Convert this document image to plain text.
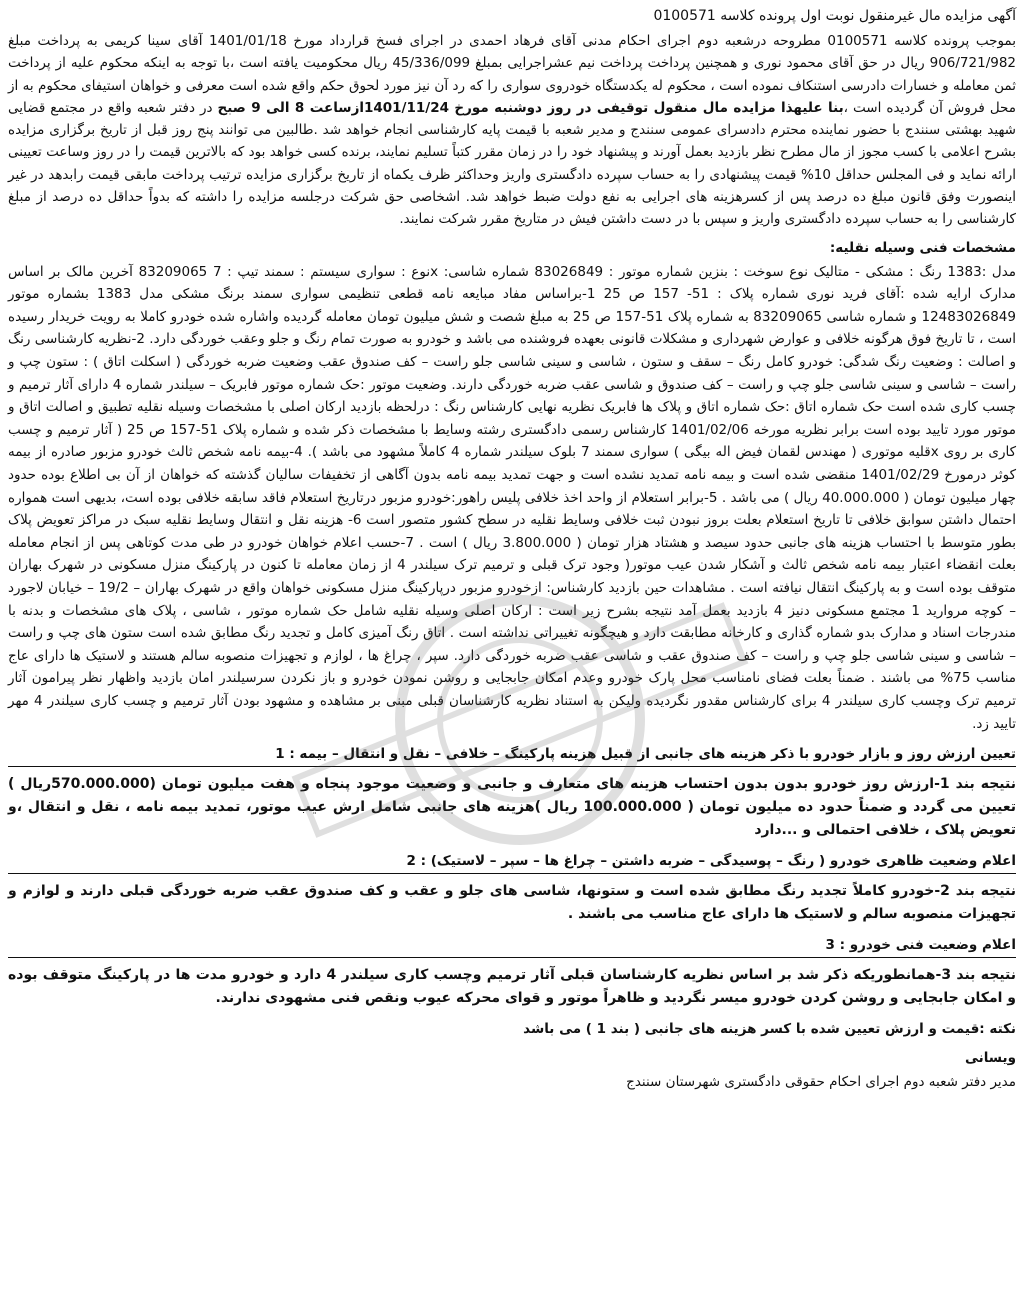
آگهی مزایده مال غیرمنقول نوبت اول پرونده کلاسه 0100571

بموجب پرونده کلاسه 0100571 مطروحه درشعبه دوم اجرای احکام مدنی آقای فرهاد احمدی در اجرای فسخ قرارداد مورخ 1401/01/18 آقای سینا کریمی به پرداخت مبلغ 906/721/982 ریال در حق آقای محمود نوری و همچنین پرداخت پرداخت نیم عشراجرایی بمبلغ 45/336/099 ریال محکومیت یافته است ،با توجه به اینکه محکوم علیه از پرداخت ثمن معامله و خسارات دادرسی استنکاف نموده است ، محکوم له یکدستگاه خودروی سواری را که رد آن نیز مورد لحوق حکم واقع شده است معرفی و خواهان استیفای محکوم به از محل فروش آن گردیده است ،بنا علیهذا مزایده مال منقول توقیفی در روز دوشنبه مورخ 1401/11/24ازساعت 8 الی 9 صبح در دفتر شعبه واقع در مجتمع قضایی شهید بهشتی سنندج با حضور نماینده محترم دادسرای عمومی سنندج و مدیر شعبه با قیمت پایه کارشناسی انجام خواهد شد .طالبین می توانند پنج روز قبل از تاریخ برگزاری مزایده بشرح اعلامی با کسب مجوز از مال مطرح نظر بازدید بعمل آورند و پیشنهاد خود را در زمان مقرر کتباً تسلیم نمایند، برنده کسی خواهد بود که بالاترین قیمت را در روز وساعت تعیینی ارائه نماید و فی المجلس حداقل 10% قیمت پیشنهادی را به حساب سپرده دادگستری واریز وحداکثر ظرف یکماه از تاریخ برگزاری مزایده ترتیب پرداخت مابقی قیمت رابدهد در غیر اینصورت وفق قانون مبلغ ده درصد پس از کسرهزینه های اجرایی به نفع دولت ضبط خواهد شد. اشخاصی حق شرکت درجلسه مزایده را داشته که بدواً حداقل ده درصد از مبلغ کارشناسی را به حساب سپرده دادگستری واریز و سپس با در دست داشتن فیش در متاریخ مقرر شرکت نمایند.

مشخصات فنی وسیله نقلیه:

مدل :1383 رنگ : مشکی - متالیک نوع سوخت : بنزین شماره موتور : 83026849 شماره شاسی: xنوع : سواری سیستم : سمند تیپ : 7 83209065 آخرین مالک بر اساس مدارک ارایه شده :آقای فرید نوری شماره پلاک : 51- 157 ص 25 1-براساس مفاد مبایعه نامه قطعی تنظیمی سواری سمند برنگ مشکی مدل 1383 بشماره موتور 12483026849 و شماره شاسی 83209065 به شماره پلاک 51-157 ص 25 به مبلغ شصت و شش میلیون تومان معامله گردیده واشاره شده خودرو کاملا به رویت خریدار رسیده است ، تا تاریخ فوق هرگونه خلافی و عوارض شهرداری و مشکلات قانونی بعهده فروشنده می باشد و خودرو به صورت تمام رنگ و جلو وعقب خوردگی دارد. 2-نظریه کارشناسی رنگ و اصالت : وضعیت رنگ شدگی: خودرو کامل رنگ – سقف و ستون ، شاسی و سینی شاسی جلو راست – کف صندوق عقب وضعیت ضربه خوردگی ( اسکلت اتاق ) : ستون چپ و راست – شاسی و سینی شاسی جلو چپ و راست – کف صندوق و شاسی عقب ضربه خوردگی دارند. وضعیت موتور :حک شماره موتور فابریک – سیلندر شماره 4 دارای آثار ترمیم و چسب کاری شده است حک شماره اتاق :حک شماره اتاق و پلاک ها فابریک نظریه نهایی کارشناس رنگ : درلحظه بازدید ارکان اصلی با مشخصات وسیله نقلیه تطبیق و اصالت اتاق و موتور مورد تایید بوده است برابر نظریه مورخه 1401/02/06 کارشناس رسمی دادگستری رشته وسایط با مشخصات ذکر شده و شماره پلاک 51-157 ص 25 ( آثار ترمیم و چسب کاری بر روی xقلیه موتوری ( مهندس لقمان فیض اله بیگی ) سواری سمند 7 بلوک سیلندر شماره 4 کاملاً مشهود می باشد ). 4-بیمه نامه شخص ثالث خودرو مزبور صادره از بیمه کوثر درمورخ 1401/02/29 منقضی شده است و بیمه نامه تمدید نشده است و جهت تمدید بیمه نامه بدون آگاهی از تخفیفات سالیان گذشته که خواهان از آن بی اطلاع بوده حدود چهار میلیون تومان ( 40.000.000 ریال ) می باشد . 5-برابر استعلام از واحد اخذ خلافی پلیس راهور:خودرو مزبور درتاریخ استعلام فاقد سابقه خلافی بوده است، بدیهی است همواره احتمال داشتن سوابق خلافی تا تاریخ استعلام بعلت بروز نبودن ثبت خلافی وسایط نقلیه در سطح کشور متصور است 6- هزینه نقل و انتقال وسایط نقلیه سبک در مراکز تعویض پلاک بطور متوسط با احتساب هزینه های جانبی حدود سیصد و هشتاد هزار تومان ( 3.800.000 ریال ) است . 7-حسب اعلام خواهان خودرو در طی مدت کوتاهی پس از انجام معامله بعلت انقضاء اعتبار بیمه نامه شخص ثالث و آشکار شدن عیب موتور( وجود ترک قبلی و ترمیم ترک سیلندر 4 از زمان معامله تا کنون در پارکینگ منزل مسکونی در شهرک بهاران متوقف بوده است و به پارکینگ انتقال نیافته است . مشاهدات حین بازدید کارشناس: ازخودرو مزبور درپارکینگ منزل مسکونی خواهان واقع در شهرک بهاران – 19/2 – خیابان لاجورد – کوچه مروارید 1 مجتمع مسکونی دنیز 4 بازدید بعمل آمد نتیجه بشرح زیر است : ارکان اصلی وسیله نقلیه شامل حک شماره موتور ، شاسی ، پلاک های مشخصات و بدنه با مندرجات اسناد و مدارک بدو شماره گذاری و کارخانه مطابقت دارد و هیچگونه تغییراتی نداشته است . اتاق رنگ آمیزی کامل و تجدید رنگ مطابق شده است ستون های چپ و راست – شاسی و سینی شاسی جلو چپ و راست – کف صندوق عقب و شاسی عقب ضربه خوردگی دارد. سپر ، چراغ ها ، لوازم و تجهیزات منصوبه سالم هستند و لاستیک ها دارای عاج مناسب 75% می باشند . ضمناً بعلت فضای نامناسب محل پارک خودرو وعدم امکان جابجایی و روشن نمودن خودرو و باز نکردن سرسیلندر امان بازدید واظهار نظر پیرامون آثار ترمیم ترک وچسب کاری سیلندر 4 برای کارشناس مقدور نگردیده ولیکن به استناد نظریه کارشناسان قبلی مبنی بر مشاهده و مشهود بودن آثار ترمیم و چسب کاری سیلندر 4 مهر تایید زد.

تعیین ارزش روز و بازار خودرو با ذکر هزینه های جانبی از قبیل هزینه پارکینگ – خلافی – نقل و انتقال – بیمه : 1

نتیجه بند 1-ارزش روز خودرو بدون بدون احتساب هزینه های متعارف و جانبی و وضعیت موجود پنجاه و هفت میلیون تومان (570.000.000ریال ) تعیین می گردد و ضمناً حدود ده میلیون تومان ( 100.000.000 ریال )هزینه های جانبی شامل ارش عیب موتور، تمدید بیمه نامه ، نقل و انتقال ،و تعویض پلاک ، خلافی احتمالی و ...دارد

اعلام وضعیت ظاهری خودرو ( رنگ – پوسیدگی – ضربه داشتن – چراغ ها – سپر – لاستیک) : 2

نتیجه بند 2-خودرو کاملاً تجدید رنگ مطابق شده است و ستونها، شاسی های جلو و عقب و کف صندوق عقب ضربه خوردگی قبلی دارند و لوازم و تجهیزات منصوبه سالم و لاستیک ها دارای عاج مناسب می باشند .

اعلام وضعیت فنی خودرو : 3

نتیجه بند 3-همانطوریکه ذکر شد بر اساس نظریه کارشناسان قبلی آثار ترمیم وچسب کاری سیلندر 4 دارد و خودرو مدت ها در پارکینگ متوقف بوده و امکان جابجایی و روشن کردن خودرو میسر نگردید و ظاهراً موتور و قوای محرکه عیوب ونقص فنی مشهودی ندارند.

نکته :قیمت و ارزش تعیین شده با کسر هزینه های جانبی ( بند 1 ) می باشد
ویسانی
مدیر دفتر شعبه دوم اجرای احکام حقوقی دادگستری شهرستان سنندج
